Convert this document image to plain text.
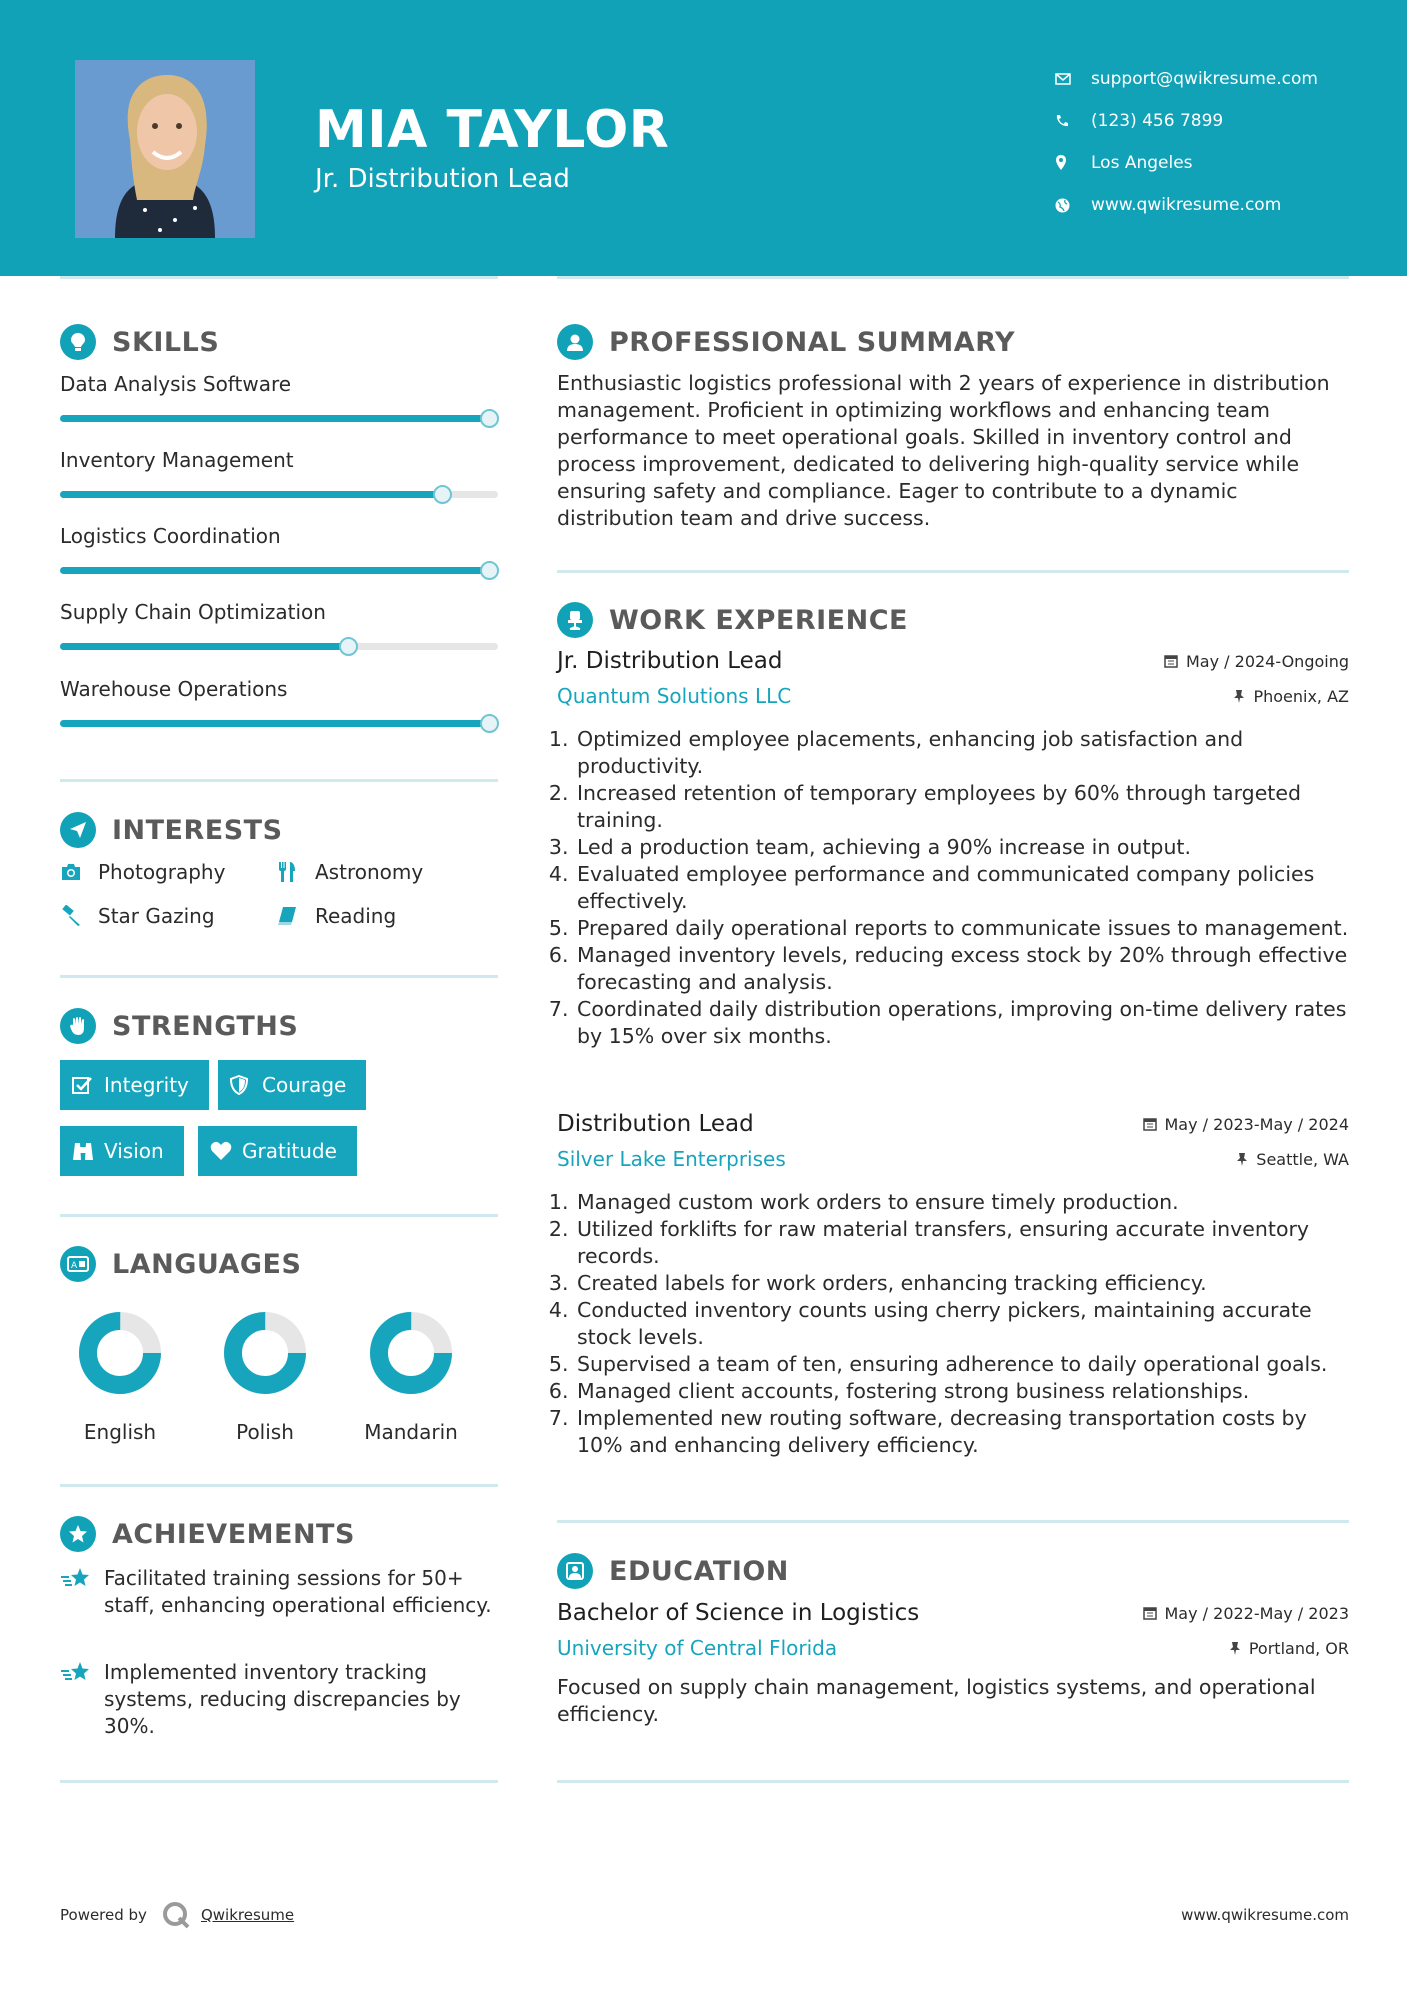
MIA TAYLOR
Jr. Distribution Lead
support@qwikresume.com
(123) 456 7899
Los Angeles
www.qwikresume.com
SKILLS
Data Analysis Software
Inventory Management
Logistics Coordination
Supply Chain Optimization
Warehouse Operations
INTERESTS
Photography	Astronomy
Star Gazing	Reading
STRENGTHS
Integrity	Courage
Vision	Gratitude
A LANGUAGES
English	Polish	Mandarin
ACHIEVEMENTS
Facilitated training sessions for 50+ staff, enhancing operational efficiency.
Implemented inventory tracking systems, reducing discrepancies by 30%.
PROFESSIONAL SUMMARY
Enthusiastic logistics professional with 2 years of experience in distribution management. Proficient in optimizing workflows and enhancing team performance to meet operational goals. Skilled in inventory control and process improvement, dedicated to delivering high-quality service while ensuring safety and compliance. Eager to contribute to a dynamic distribution team and drive success.
WORK EXPERIENCE
Jr. Distribution Lead	May / 2024-Ongoing
Quantum Solutions LLC	Phoenix, AZ
1. Optimized employee placements, enhancing job satisfaction and productivity.
2. Increased retention of temporary employees by 60% through targeted training.
3. Led a production team, achieving a 90% increase in output.
4. Evaluated employee performance and communicated company policies effectively.
5. Prepared daily operational reports to communicate issues to management.
6. Managed inventory levels, reducing excess stock by 20% through effective forecasting and analysis.
7. Coordinated daily distribution operations, improving on-time delivery rates by 15% over six months.
Distribution Lead	May / 2023-May / 2024
Silver Lake Enterprises	Seattle, WA
1. Managed custom work orders to ensure timely production.
2. Utilized forklifts for raw material transfers, ensuring accurate inventory records.
3. Created labels for work orders, enhancing tracking efficiency.
4. Conducted inventory counts using cherry pickers, maintaining accurate stock levels.
5. Supervised a team of ten, ensuring adherence to daily operational goals.
6. Managed client accounts, fostering strong business relationships.
7. Implemented new routing software, decreasing transportation costs by 10% and enhancing delivery efficiency.
EDUCATION
Bachelor of Science in Logistics	May / 2022-May / 2023
University of Central Florida	Portland, OR
Focused on supply chain management, logistics systems, and operational efficiency.
Powered by	Qwikresume	www.qwikresume.com
